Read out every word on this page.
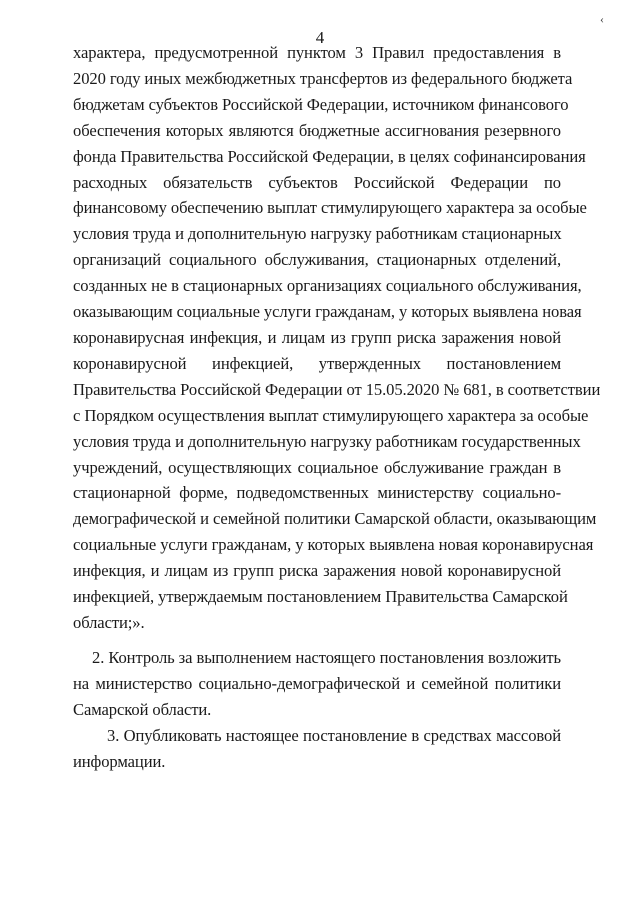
4
‹
характера, предусмотренной пунктом 3 Правил предоставления в
2020 году иных межбюджетных трансфертов из федерального бюджета
бюджетам субъектов Российской Федерации, источником финансового
обеспечения которых являются бюджетные ассигнования резервного
фонда Правительства Российской Федерации, в целях софинансирования
расходных обязательств субъектов Российской Федерации по
финансовому обеспечению выплат стимулирующего характера за особые
условия труда и дополнительную нагрузку работникам стационарных
организаций социального обслуживания, стационарных отделений,
созданных не в стационарных организациях социального обслуживания,
оказывающим социальные услуги гражданам, у которых выявлена новая
коронавирусная инфекция, и лицам из групп риска заражения новой
коронавирусной инфекцией, утвержденных постановлением
Правительства Российской Федерации от 15.05.2020 № 681, в соответствии
с Порядком осуществления выплат стимулирующего характера за особые
условия труда и дополнительную нагрузку работникам государственных
учреждений, осуществляющих социальное обслуживание граждан в
стационарной форме, подведомственных министерству социально-
демографической и семейной политики Самарской области, оказывающим
социальные услуги гражданам, у которых выявлена новая коронавирусная
инфекция, и лицам из групп риска заражения новой коронавирусной
инфекцией, утверждаемым постановлением Правительства Самарской
области;».
2. Контроль за выполнением настоящего постановления возложить
на министерство социально-демографической и семейной политики
Самарской области.
3. Опубликовать настоящее постановление в средствах массовой
информации.
